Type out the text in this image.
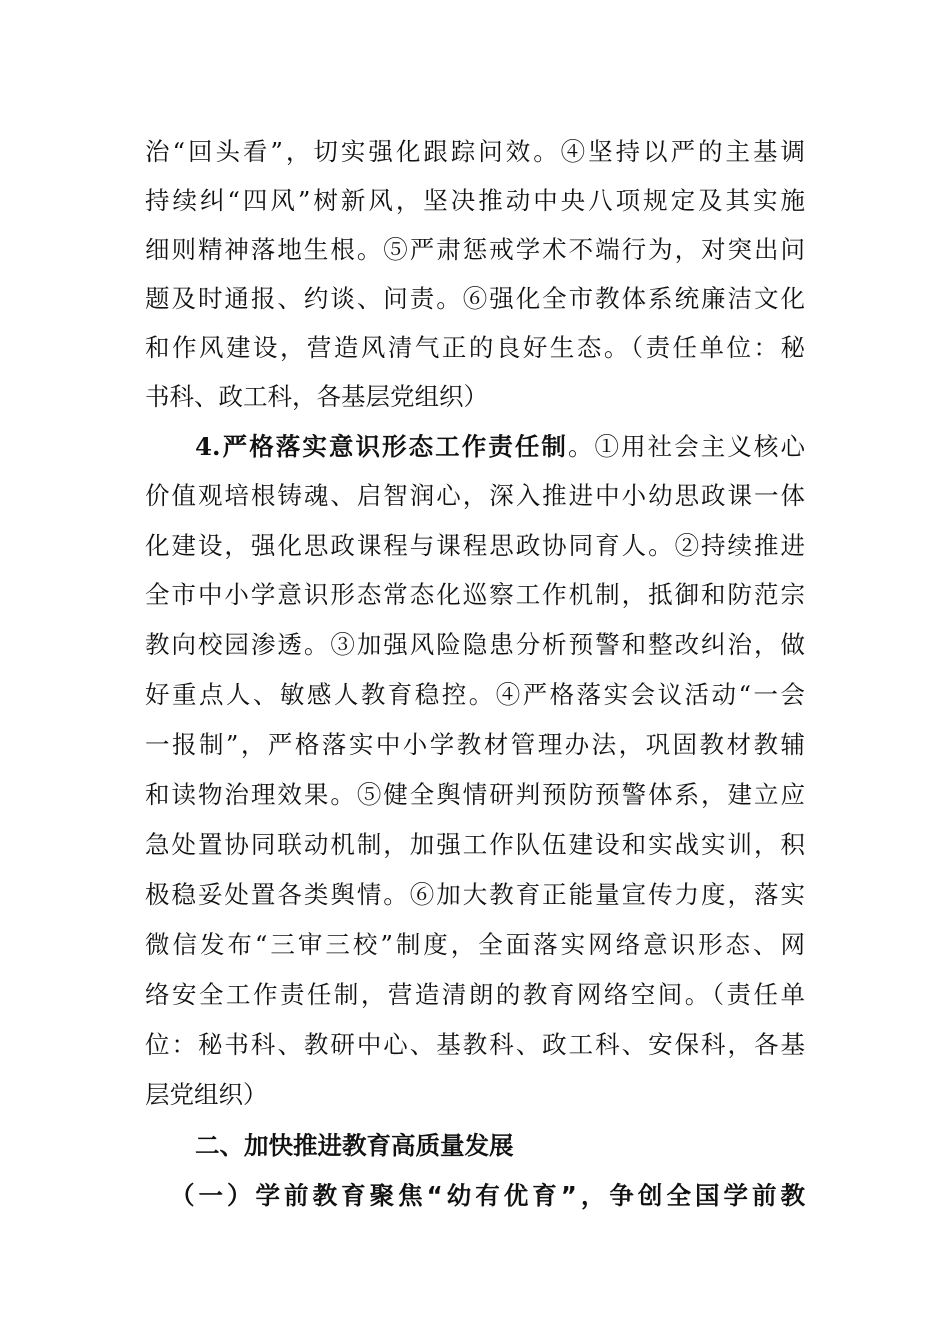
治“回头看”，切实强化跟踪问效。④坚持以严的主基调
持续纠“四风”树新风，坚决推动中央八项规定及其实施
细则精神落地生根。⑤严肃惩戒学术不端行为，对突出问
题及时通报、约谈、问责。⑥强化全市教体系统廉洁文化
和作风建设，营造风清气正的良好生态。（责任单位：秘
书科、政工科，各基层党组织）
4.严格落实意识形态工作责任制。①用社会主义核心
价值观培根铸魂、启智润心，深入推进中小幼思政课一体
化建设，强化思政课程与课程思政协同育人。②持续推进
全市中小学意识形态常态化巡察工作机制，抵御和防范宗
教向校园渗透。③加强风险隐患分析预警和整改纠治，做
好重点人、敏感人教育稳控。④严格落实会议活动“一会
一报制”，严格落实中小学教材管理办法，巩固教材教辅
和读物治理效果。⑤健全舆情研判预防预警体系，建立应
急处置协同联动机制，加强工作队伍建设和实战实训，积
极稳妥处置各类舆情。⑥加大教育正能量宣传力度，落实
微信发布“三审三校”制度，全面落实网络意识形态、网
络安全工作责任制，营造清朗的教育网络空间。（责任单
位：秘书科、教研中心、基教科、政工科、安保科，各基
层党组织）
二、加快推进教育高质量发展
（一）学前教育聚焦“幼有优育”，争创全国学前教
